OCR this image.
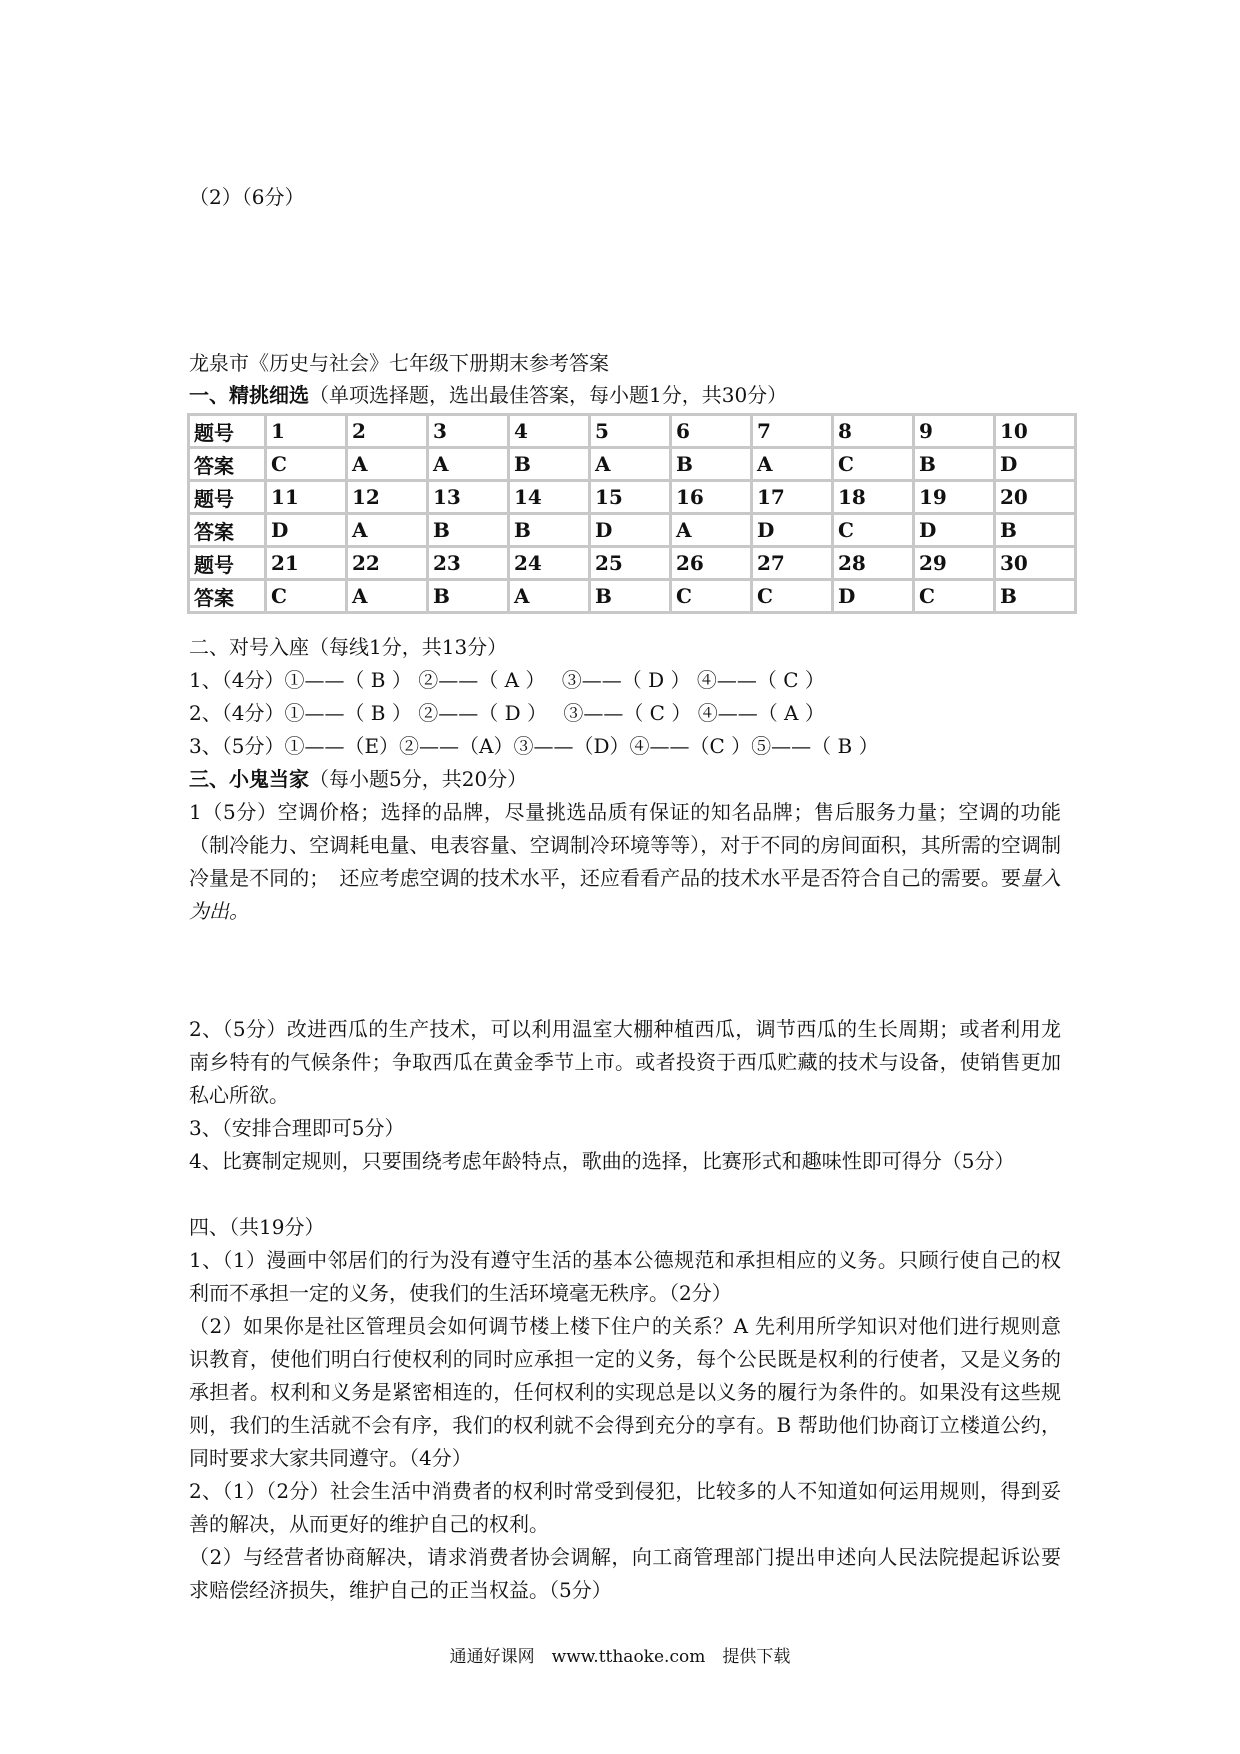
（2）（6分）
龙泉市《历史与社会》七年级下册期末参考答案
一、精挑细选（单项选择题，选出最佳答案，每小题1分，共30分）
题号	1	2	3	4	5	6	7	8	9	10
答案	C	A	A	B	A	B	A	C	B	D
题号	11	12	13	14	15	16	17	18	19	20
答案	D	A	B	B	D	A	D	C	D	B
题号	21	22	23	24	25	26	27	28	29	30
答案	C	A	B	A	B	C	C	D	C	B
二、对号入座（每线1分，共13分）
1、（4分）①——（ B ） ②——（ A ）　 ③——（ D ） ④——（ C ）
2、（4分）①——（ B ） ②——（ D ）　 ③——（ C ） ④——（ A ）
3、（5分）①——（E）②——（A）③——（D）④——（C ）⑤——（ B ）
三、小鬼当家（每小题5分，共20分）
1（5分）空调价格；选择的品牌，尽量挑选品质有保证的知名品牌；售后服务力量；空调的功能（制冷能力、空调耗电量、电表容量、空调制冷环境等等），对于不同的房间面积，其所需的空调制冷量是不同的；　还应考虑空调的技术水平，还应看看产品的技术水平是否符合自己的需要。要量入为出。
2、（5分）改进西瓜的生产技术，可以利用温室大棚种植西瓜，调节西瓜的生长周期；或者利用龙南乡特有的气候条件；争取西瓜在黄金季节上市。或者投资于西瓜贮藏的技术与设备，使销售更加私心所欲。
3、（安排合理即可5分）
4、比赛制定规则，只要围绕考虑年龄特点，歌曲的选择，比赛形式和趣味性即可得分（5分）
四、（共19分）
1、（1）漫画中邻居们的行为没有遵守生活的基本公德规范和承担相应的义务。只顾行使自己的权利而不承担一定的义务，使我们的生活环境毫无秩序。（2分）
（2）如果你是社区管理员会如何调节楼上楼下住户的关系？A 先利用所学知识对他们进行规则意识教育，使他们明白行使权利的同时应承担一定的义务，每个公民既是权利的行使者，又是义务的承担者。权利和义务是紧密相连的，任何权利的实现总是以义务的履行为条件的。如果没有这些规则，我们的生活就不会有序，我们的权利就不会得到充分的享有。B 帮助他们协商订立楼道公约，同时要求大家共同遵守。（4分）
2、（1）（2分）社会生活中消费者的权利时常受到侵犯，比较多的人不知道如何运用规则，得到妥善的解决，从而更好的维护自己的权利。
（2）与经营者协商解决，请求消费者协会调解，向工商管理部门提出申述向人民法院提起诉讼要求赔偿经济损失，维护自己的正当权益。（5分）
通通好课网　www.tthaoke.com　提供下载
